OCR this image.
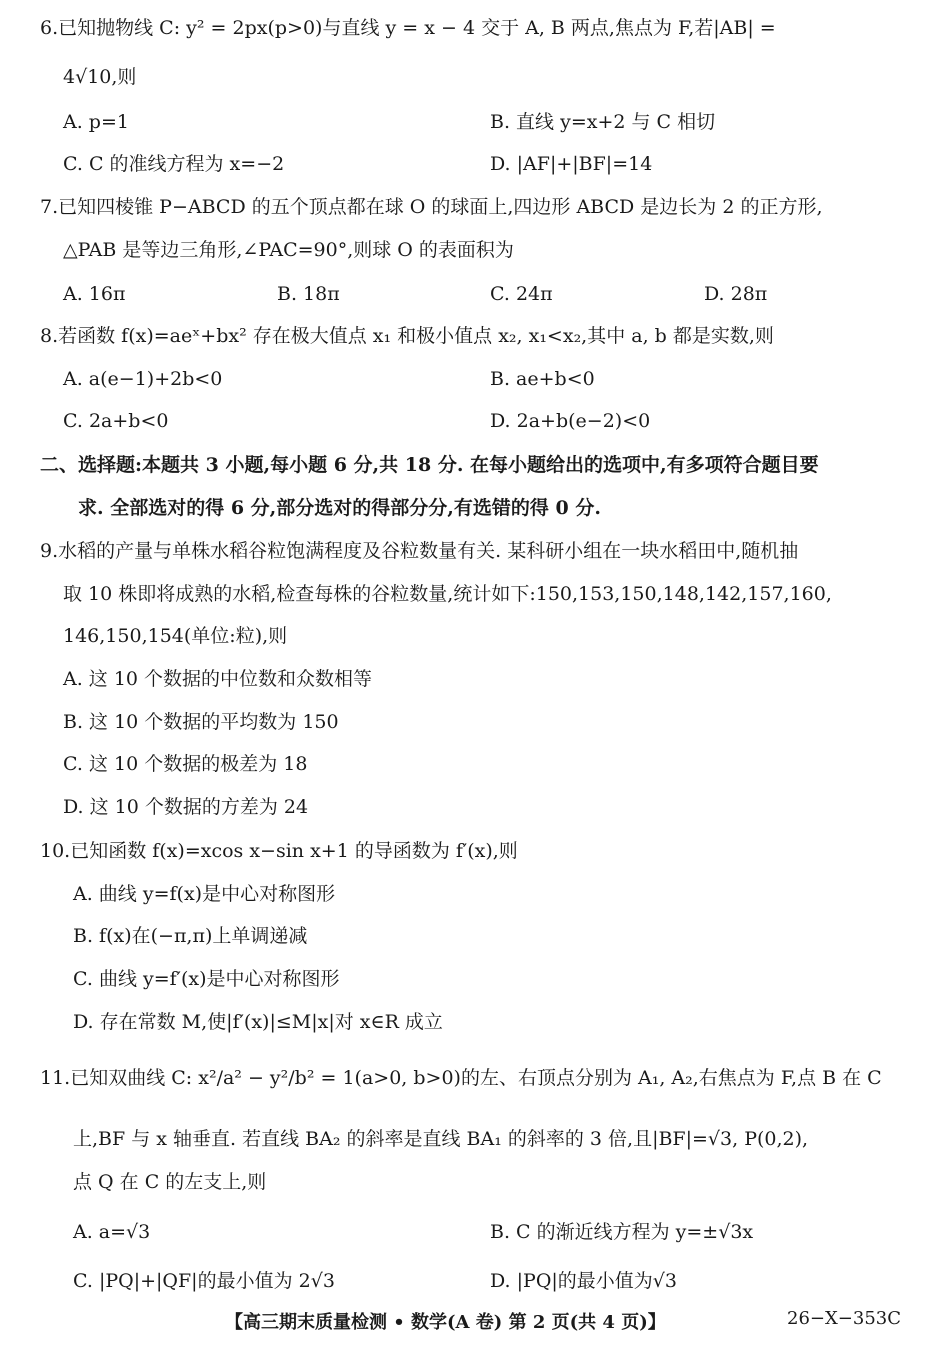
6.已知抛物线 C: y² = 2px(p>0)与直线 y = x − 4 交于 A, B 两点,焦点为 F,若|AB| =
4√10,则
A. p=1	B. 直线 y=x+2 与 C 相切
C. C 的准线方程为 x=−2	D. |AF|+|BF|=14
7.已知四棱锥 P−ABCD 的五个顶点都在球 O 的球面上,四边形 ABCD 是边长为 2 的正方形,
△PAB 是等边三角形,∠PAC=90°,则球 O 的表面积为
A. 16π	B. 18π	C. 24π	D. 28π
8.若函数 f(x)=aeˣ+bx² 存在极大值点 x₁ 和极小值点 x₂, x₁<x₂,其中 a, b 都是实数,则
A. a(e−1)+2b<0	B. ae+b<0
C. 2a+b<0	D. 2a+b(e−2)<0
二、选择题:本题共 3 小题,每小题 6 分,共 18 分. 在每小题给出的选项中,有多项符合题目要
求. 全部选对的得 6 分,部分选对的得部分分,有选错的得 0 分.
9.水稻的产量与单株水稻谷粒饱满程度及谷粒数量有关. 某科研小组在一块水稻田中,随机抽
取 10 株即将成熟的水稻,检查每株的谷粒数量,统计如下:150,153,150,148,142,157,160,
146,150,154(单位:粒),则
A. 这 10 个数据的中位数和众数相等
B. 这 10 个数据的平均数为 150
C. 这 10 个数据的极差为 18
D. 这 10 个数据的方差为 24
10.已知函数 f(x)=xcos x−sin x+1 的导函数为 f′(x),则
A. 曲线 y=f(x)是中心对称图形
B. f(x)在(−π,π)上单调递减
C. 曲线 y=f′(x)是中心对称图形
D. 存在常数 M,使|f′(x)|≤M|x|对 x∈R 成立
11.已知双曲线 C: x²/a² − y²/b² = 1(a>0, b>0)的左、右顶点分别为 A₁, A₂,右焦点为 F,点 B 在 C
上,BF 与 x 轴垂直. 若直线 BA₂ 的斜率是直线 BA₁ 的斜率的 3 倍,且|BF|=√3, P(0,2),
点 Q 在 C 的左支上,则
A. a=√3	B. C 的渐近线方程为 y=±√3x
C. |PQ|+|QF|的最小值为 2√3	D. |PQ|的最小值为√3
【高三期末质量检测 • 数学(A 卷) 第 2 页(共 4 页)】	26−X−353C
